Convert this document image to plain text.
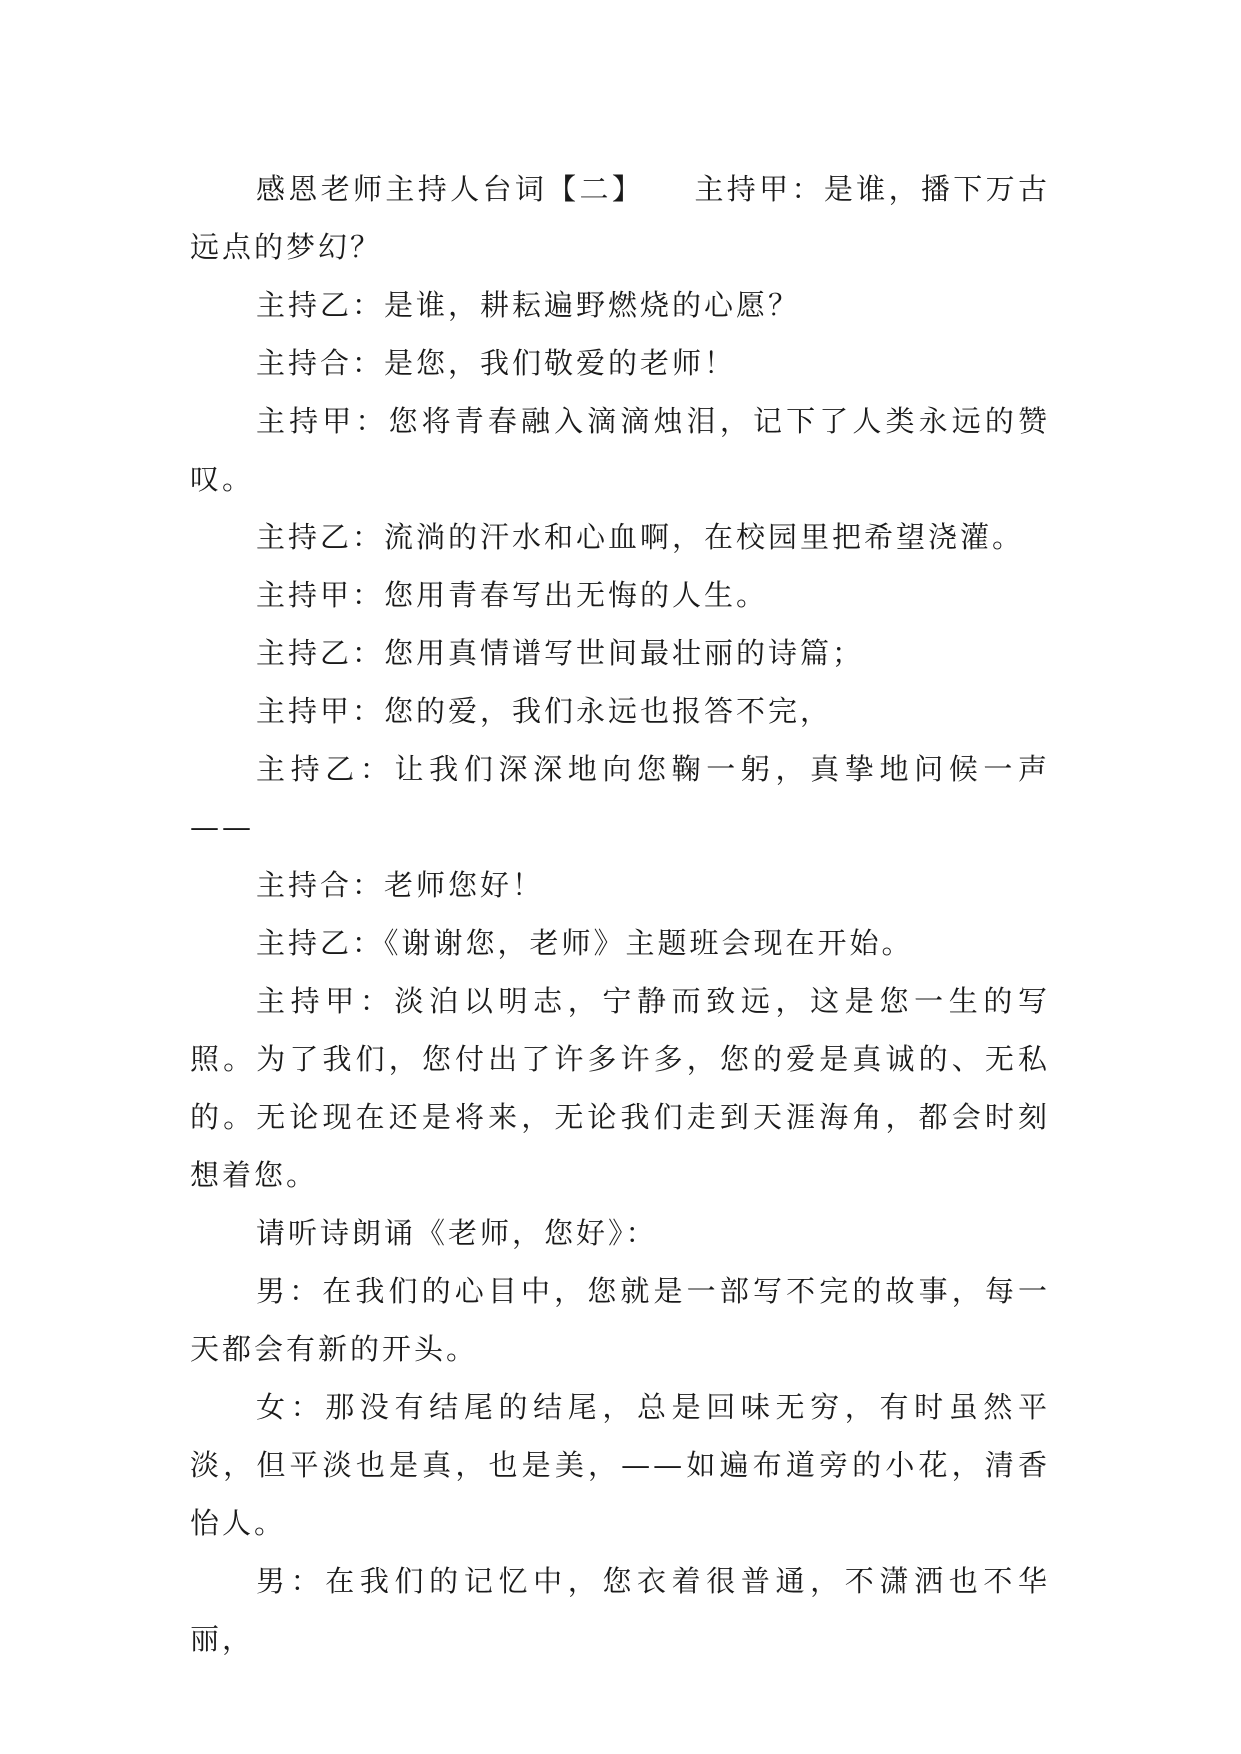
感恩老师主持人台词【二】　　主持甲：是谁，播下万古远点的梦幻？

主持乙：是谁，耕耘遍野燃烧的心愿？

主持合：是您，我们敬爱的老师！

主持甲：您将青春融入滴滴烛泪，记下了人类永远的赞叹。

主持乙：流淌的汗水和心血啊，在校园里把希望浇灌。

主持甲：您用青春写出无悔的人生。

主持乙：您用真情谱写世间最壮丽的诗篇；

主持甲：您的爱，我们永远也报答不完，

主持乙：让我们深深地向您鞠一躬，真挚地问候一声——

主持合：老师您好！

主持乙：《谢谢您，老师》主题班会现在开始。

主持甲：淡泊以明志，宁静而致远，这是您一生的写照。为了我们，您付出了许多许多，您的爱是真诚的、无私的。无论现在还是将来，无论我们走到天涯海角，都会时刻想着您。

请听诗朗诵《老师，您好》：

男：在我们的心目中，您就是一部写不完的故事，每一天都会有新的开头。

女：那没有结尾的结尾，总是回味无穷，有时虽然平淡，但平淡也是真，也是美，——如遍布道旁的小花，清香怡人。

男：在我们的记忆中，您衣着很普通，不潇洒也不华丽，
